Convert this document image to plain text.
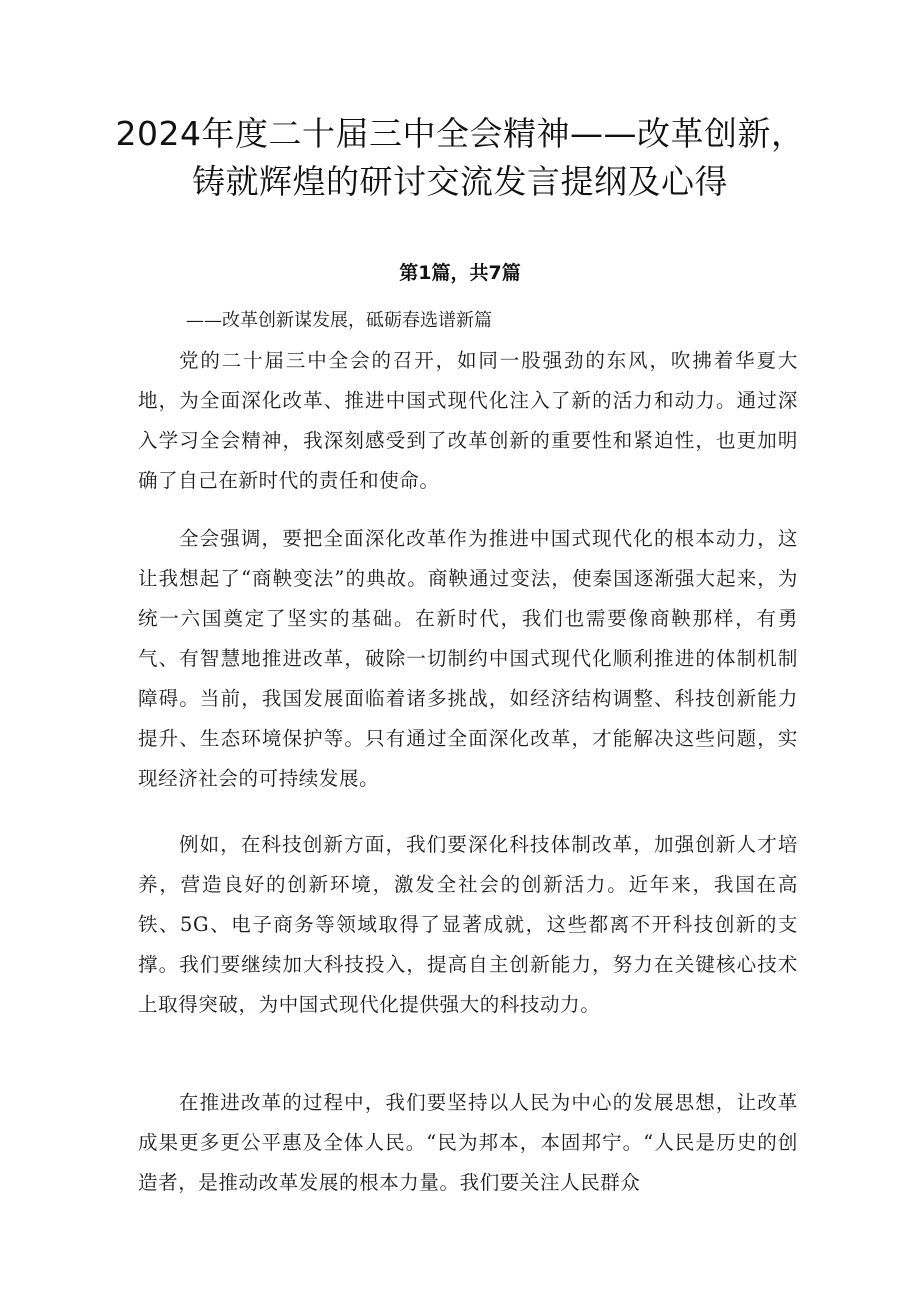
2024年度二十届三中全会精神——改革创新，铸就辉煌的研讨交流发言提纲及心得
第1篇，共7篇

——改革创新谋发展，砥砺春选谱新篇

党的二十届三中全会的召开，如同一股强劲的东风，吹拂着华夏大地，为全面深化改革、推进中国式现代化注入了新的活力和动力。通过深入学习全会精神，我深刻感受到了改革创新的重要性和紧迫性，也更加明确了自己在新时代的责任和使命。

全会强调，要把全面深化改革作为推进中国式现代化的根本动力，这让我想起了“商鞅变法”的典故。商鞅通过变法，使秦国逐渐强大起来，为统一六国奠定了坚实的基础。在新时代，我们也需要像商鞅那样，有勇气、有智慧地推进改革，破除一切制约中国式现代化顺利推进的体制机制障碍。当前，我国发展面临着诸多挑战，如经济结构调整、科技创新能力提升、生态环境保护等。只有通过全面深化改革，才能解决这些问题，实现经济社会的可持续发展。

例如，在科技创新方面，我们要深化科技体制改革，加强创新人才培养，营造良好的创新环境，激发全社会的创新活力。近年来，我国在高铁、5G、电子商务等领域取得了显著成就，这些都离不开科技创新的支撑。我们要继续加大科技投入，提高自主创新能力，努力在关键核心技术上取得突破，为中国式现代化提供强大的科技动力。

在推进改革的过程中，我们要坚持以人民为中心的发展思想，让改革成果更多更公平惠及全体人民。“民为邦本，本固邦宁。“人民是历史的创造者，是推动改革发展的根本力量。我们要关注人民群众
